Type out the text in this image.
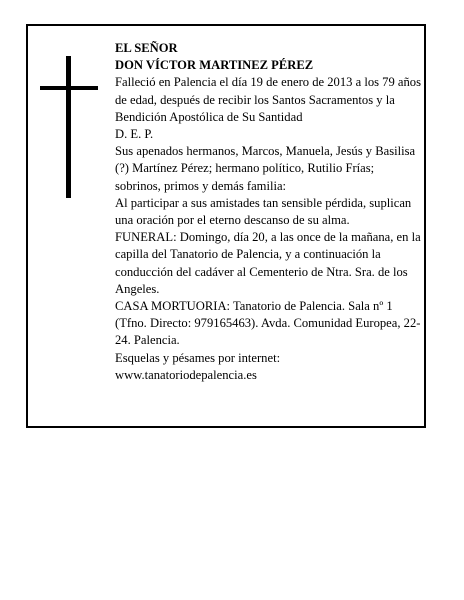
EL SEÑOR

DON VÍCTOR MARTINEZ PÉREZ

Falleció en Palencia el día 19 de enero de 2013 a los 79 años de edad, después de recibir los Santos Sacramentos y la Bendición Apostólica de Su Santidad

D. E. P.

Sus apenados hermanos, Marcos, Manuela, Jesús y Basilisa (?) Martínez Pérez; hermano político, Rutilio Frías; sobrinos, primos y demás familia:

Al participar a sus amistades tan sensible pérdida, suplican una oración por el eterno descanso de su alma.

FUNERAL: Domingo, día 20, a las once de la mañana, en la capilla del Tanatorio de Palencia, y a continuación la conducción del cadáver al Cementerio de Ntra. Sra. de los Angeles.

CASA MORTUORIA: Tanatorio de Palencia. Sala nº 1 (Tfno. Directo: 979165463). Avda. Comunidad Europea, 22-24. Palencia.

Esquelas y pésames por internet:

www.tanatoriodepalencia.es
